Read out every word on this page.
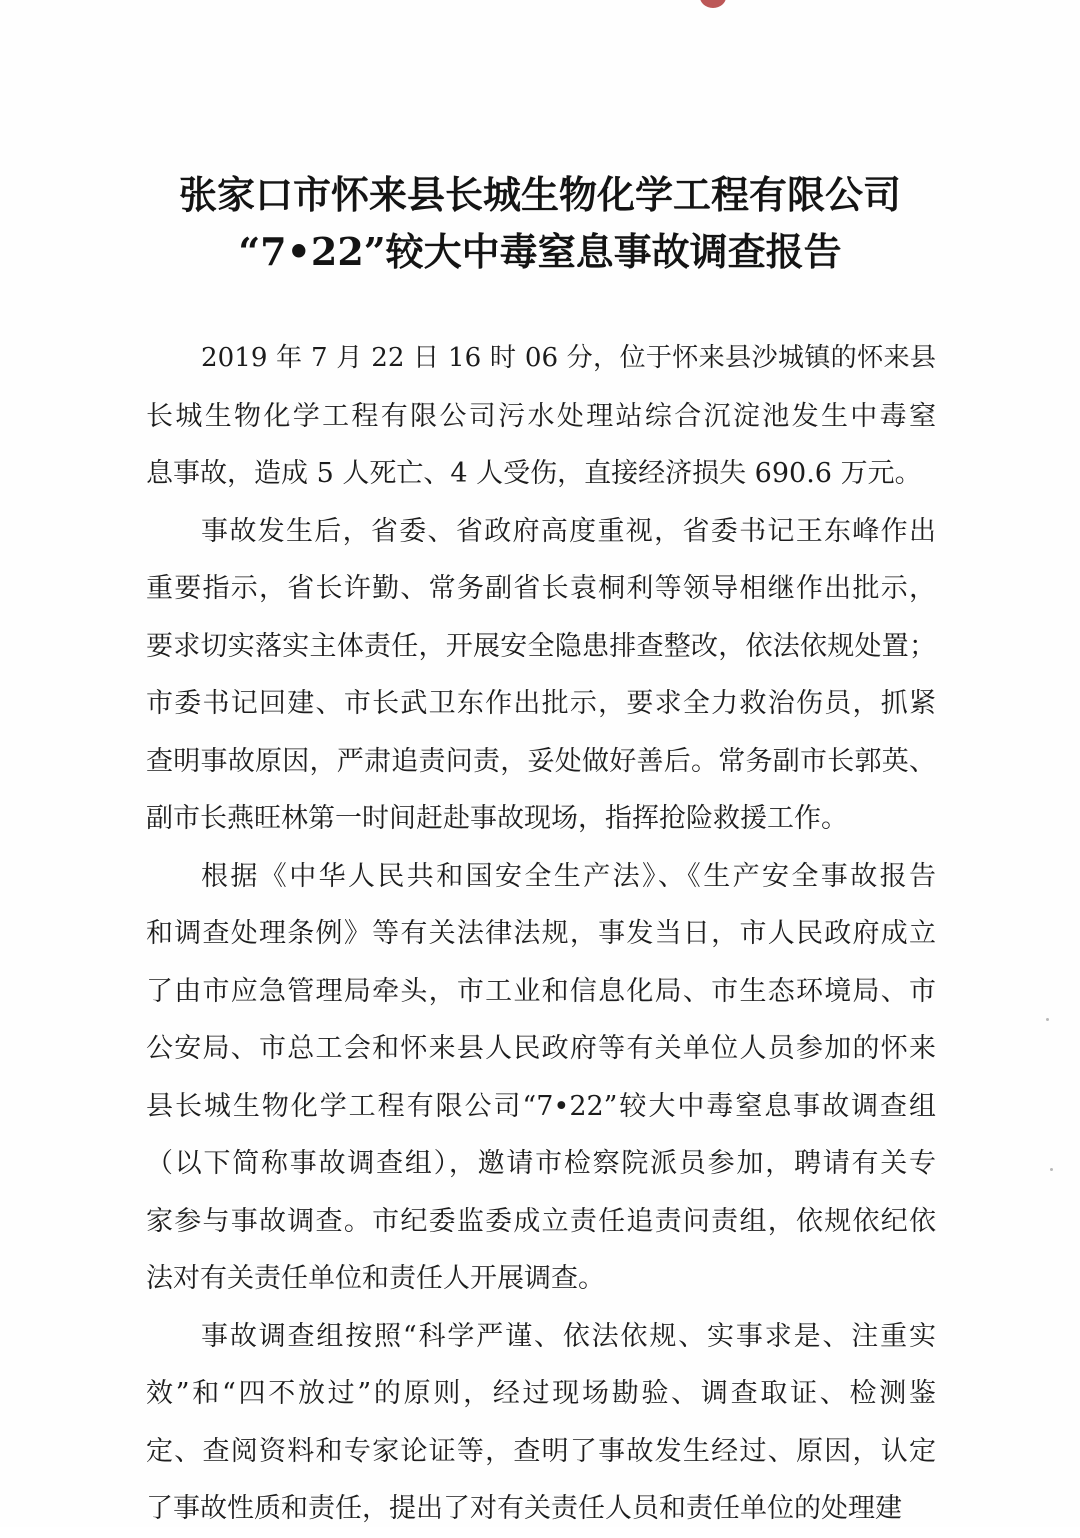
张家口市怀来县长城生物化学工程有限公司
“7•22”较大中毒窒息事故调查报告
2019 年 7 月 22 日 16 时 06 分，位于怀来县沙城镇的怀来县
长城生物化学工程有限公司污水处理站综合沉淀池发生中毒窒
息事故，造成 5 人死亡、4 人受伤，直接经济损失 690.6 万元。
事故发生后，省委、省政府高度重视，省委书记王东峰作出
重要指示，省长许勤、常务副省长袁桐利等领导相继作出批示，
要求切实落实主体责任，开展安全隐患排查整改，依法依规处置；
市委书记回建、市长武卫东作出批示，要求全力救治伤员，抓紧
查明事故原因，严肃追责问责，妥处做好善后。常务副市长郭英、
副市长燕旺林第一时间赶赴事故现场，指挥抢险救援工作。
根据《中华人民共和国安全生产法》、《生产安全事故报告
和调查处理条例》等有关法律法规，事发当日，市人民政府成立
了由市应急管理局牵头，市工业和信息化局、市生态环境局、市
公安局、市总工会和怀来县人民政府等有关单位人员参加的怀来
县长城生物化学工程有限公司“7•22”较大中毒窒息事故调查组
（以下简称事故调查组），邀请市检察院派员参加，聘请有关专
家参与事故调查。市纪委监委成立责任追责问责组，依规依纪依
法对有关责任单位和责任人开展调查。
事故调查组按照“科学严谨、依法依规、实事求是、注重实
效”和“四不放过”的原则，经过现场勘验、调查取证、检测鉴
定、查阅资料和专家论证等，查明了事故发生经过、原因，认定
了事故性质和责任，提出了对有关责任人员和责任单位的处理建
